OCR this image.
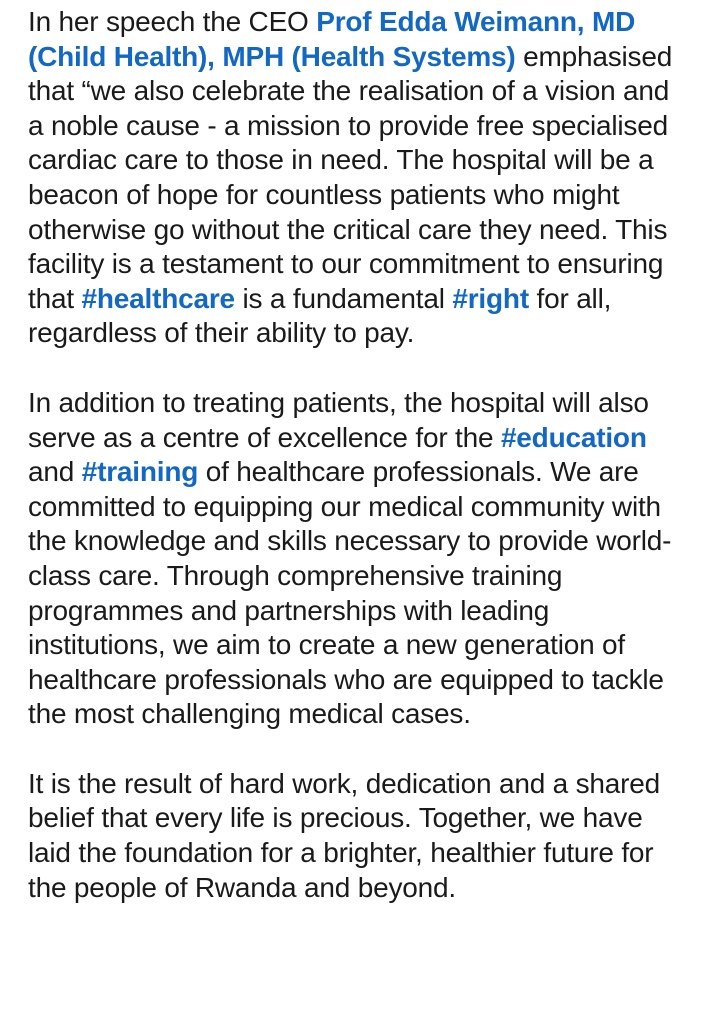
In her speech the CEO Prof Edda Weimann, MD (Child Health), MPH (Health Systems) emphasised that “we also celebrate the realisation of a vision and a noble cause - a mission to provide free specialised cardiac care to those in need. The hospital will be a beacon of hope for countless patients who might otherwise go without the critical care they need. This facility is a testament to our commitment to ensuring that #healthcare is a fundamental #right for all, regardless of their ability to pay.

In addition to treating patients, the hospital will also serve as a centre of excellence for the #education and #training of healthcare professionals. We are committed to equipping our medical community with the knowledge and skills necessary to provide world-class care. Through comprehensive training programmes and partnerships with leading institutions, we aim to create a new generation of healthcare professionals who are equipped to tackle the most challenging medical cases.

It is the result of hard work, dedication and a shared belief that every life is precious. Together, we have laid the foundation for a brighter, healthier future for the people of Rwanda and beyond.
